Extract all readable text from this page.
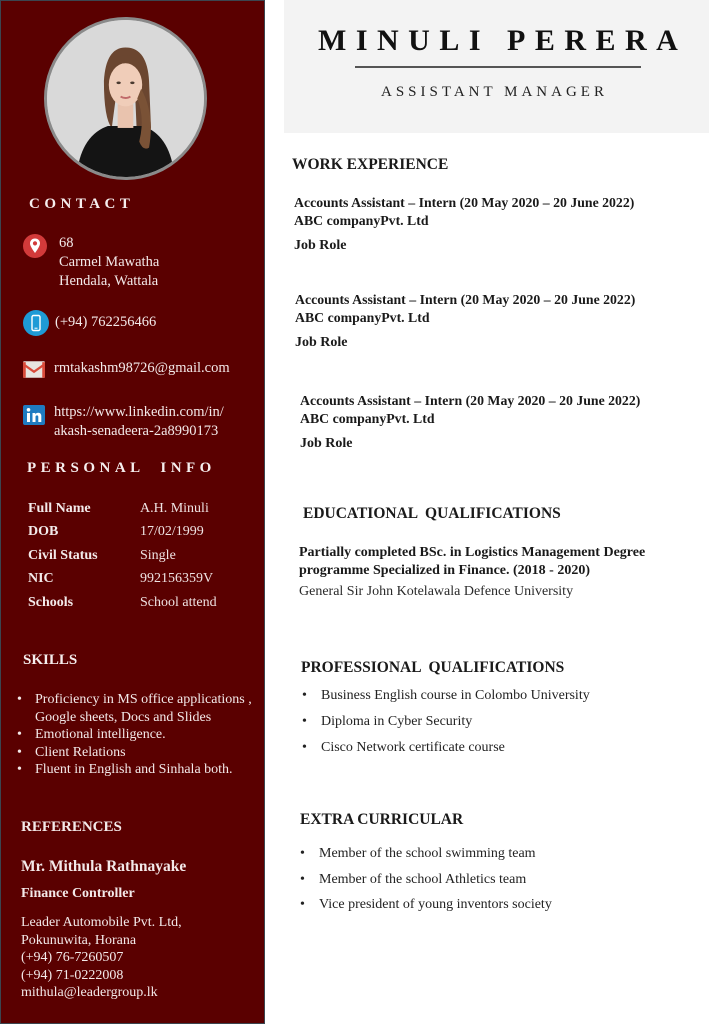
CONTACT
68
Carmel Mawatha
Hendala, Wattala
(+94) 762256466
rmtakashm98726@gmail.com
https://www.linkedin.com/in/
akash-senadeera-2a8990173
PERSONAL  INFO
Full Name	A.H. Minuli
DOB	17/02/1999
Civil Status	Single
NIC	992156359V
Schools	School attend
SKILLS
• Proficiency in MS office applications , Google sheets, Docs and Slides
• Emotional intelligence.
• Client Relations
• Fluent in English and Sinhala both.
REFERENCES
Mr. Mithula Rathnayake
Finance Controller
Leader Automobile Pvt. Ltd,
Pokunuwita, Horana
(+94) 76-7260507
(+94) 71-0222008
mithula@leadergroup.lk
MINULI PERERA
ASSISTANT MANAGER
WORK EXPERIENCE
Accounts Assistant – Intern (20 May 2020 – 20 June 2022)
ABC companyPvt. Ltd
Job Role
Accounts Assistant – Intern (20 May 2020 – 20 June 2022)
ABC companyPvt. Ltd
Job Role
Accounts Assistant – Intern (20 May 2020 – 20 June 2022)
ABC companyPvt. Ltd
Job Role
EDUCATIONAL  QUALIFICATIONS
Partially completed BSc. in Logistics Management Degree
programme Specialized in Finance. (2018 - 2020)
General Sir John Kotelawala Defence University
PROFESSIONAL  QUALIFICATIONS
• Business English course in Colombo University
• Diploma in Cyber Security
• Cisco Network certificate course
EXTRA CURRICULAR
• Member of the school swimming team
• Member of the school Athletics team
• Vice president of young inventors society
